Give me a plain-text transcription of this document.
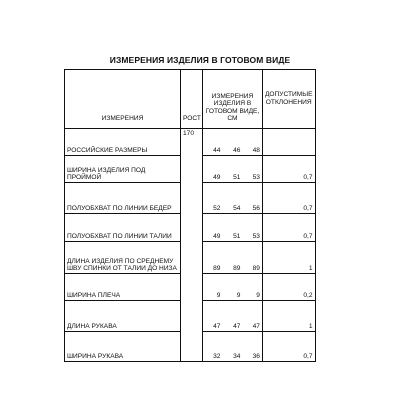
ИЗМЕРЕНИЯ ИЗДЕЛИЯ В ГОТОВОМ ВИДЕ
ИЗМЕРЕНИЯ	РОСТ	ИЗМЕРЕНИЯ ИЗДЕЛИЯ В ГОТОВОМ ВИДЕ, СМ			ДОПУСТИМЫЕ ОТКЛОНЕНИЯ
РОССИЙСКИЕ РАЗМЕРЫ	170	44	46	48	
ШИРИНА ИЗДЕЛИЯ ПОД ПРОЙМОЙ		49	51	53	0,7
ПОЛУОБХВАТ ПО ЛИНИИ БЕДЕР		52	54	56	0,7
ПОЛУОБХВАТ ПО ЛИНИИ ТАЛИИ		49	51	53	0,7
ДЛИНА ИЗДЕЛИЯ ПО СРЕДНЕМУ ШВУ СПИНКИ ОТ ТАЛИИ ДО НИЗА		89	89	89	1
ШИРИНА ПЛЕЧА		9	9	9	0,2
ДЛИНА РУКАВА		47	47	47	1
ШИРИНА РУКАВА		32	34	36	0,7
